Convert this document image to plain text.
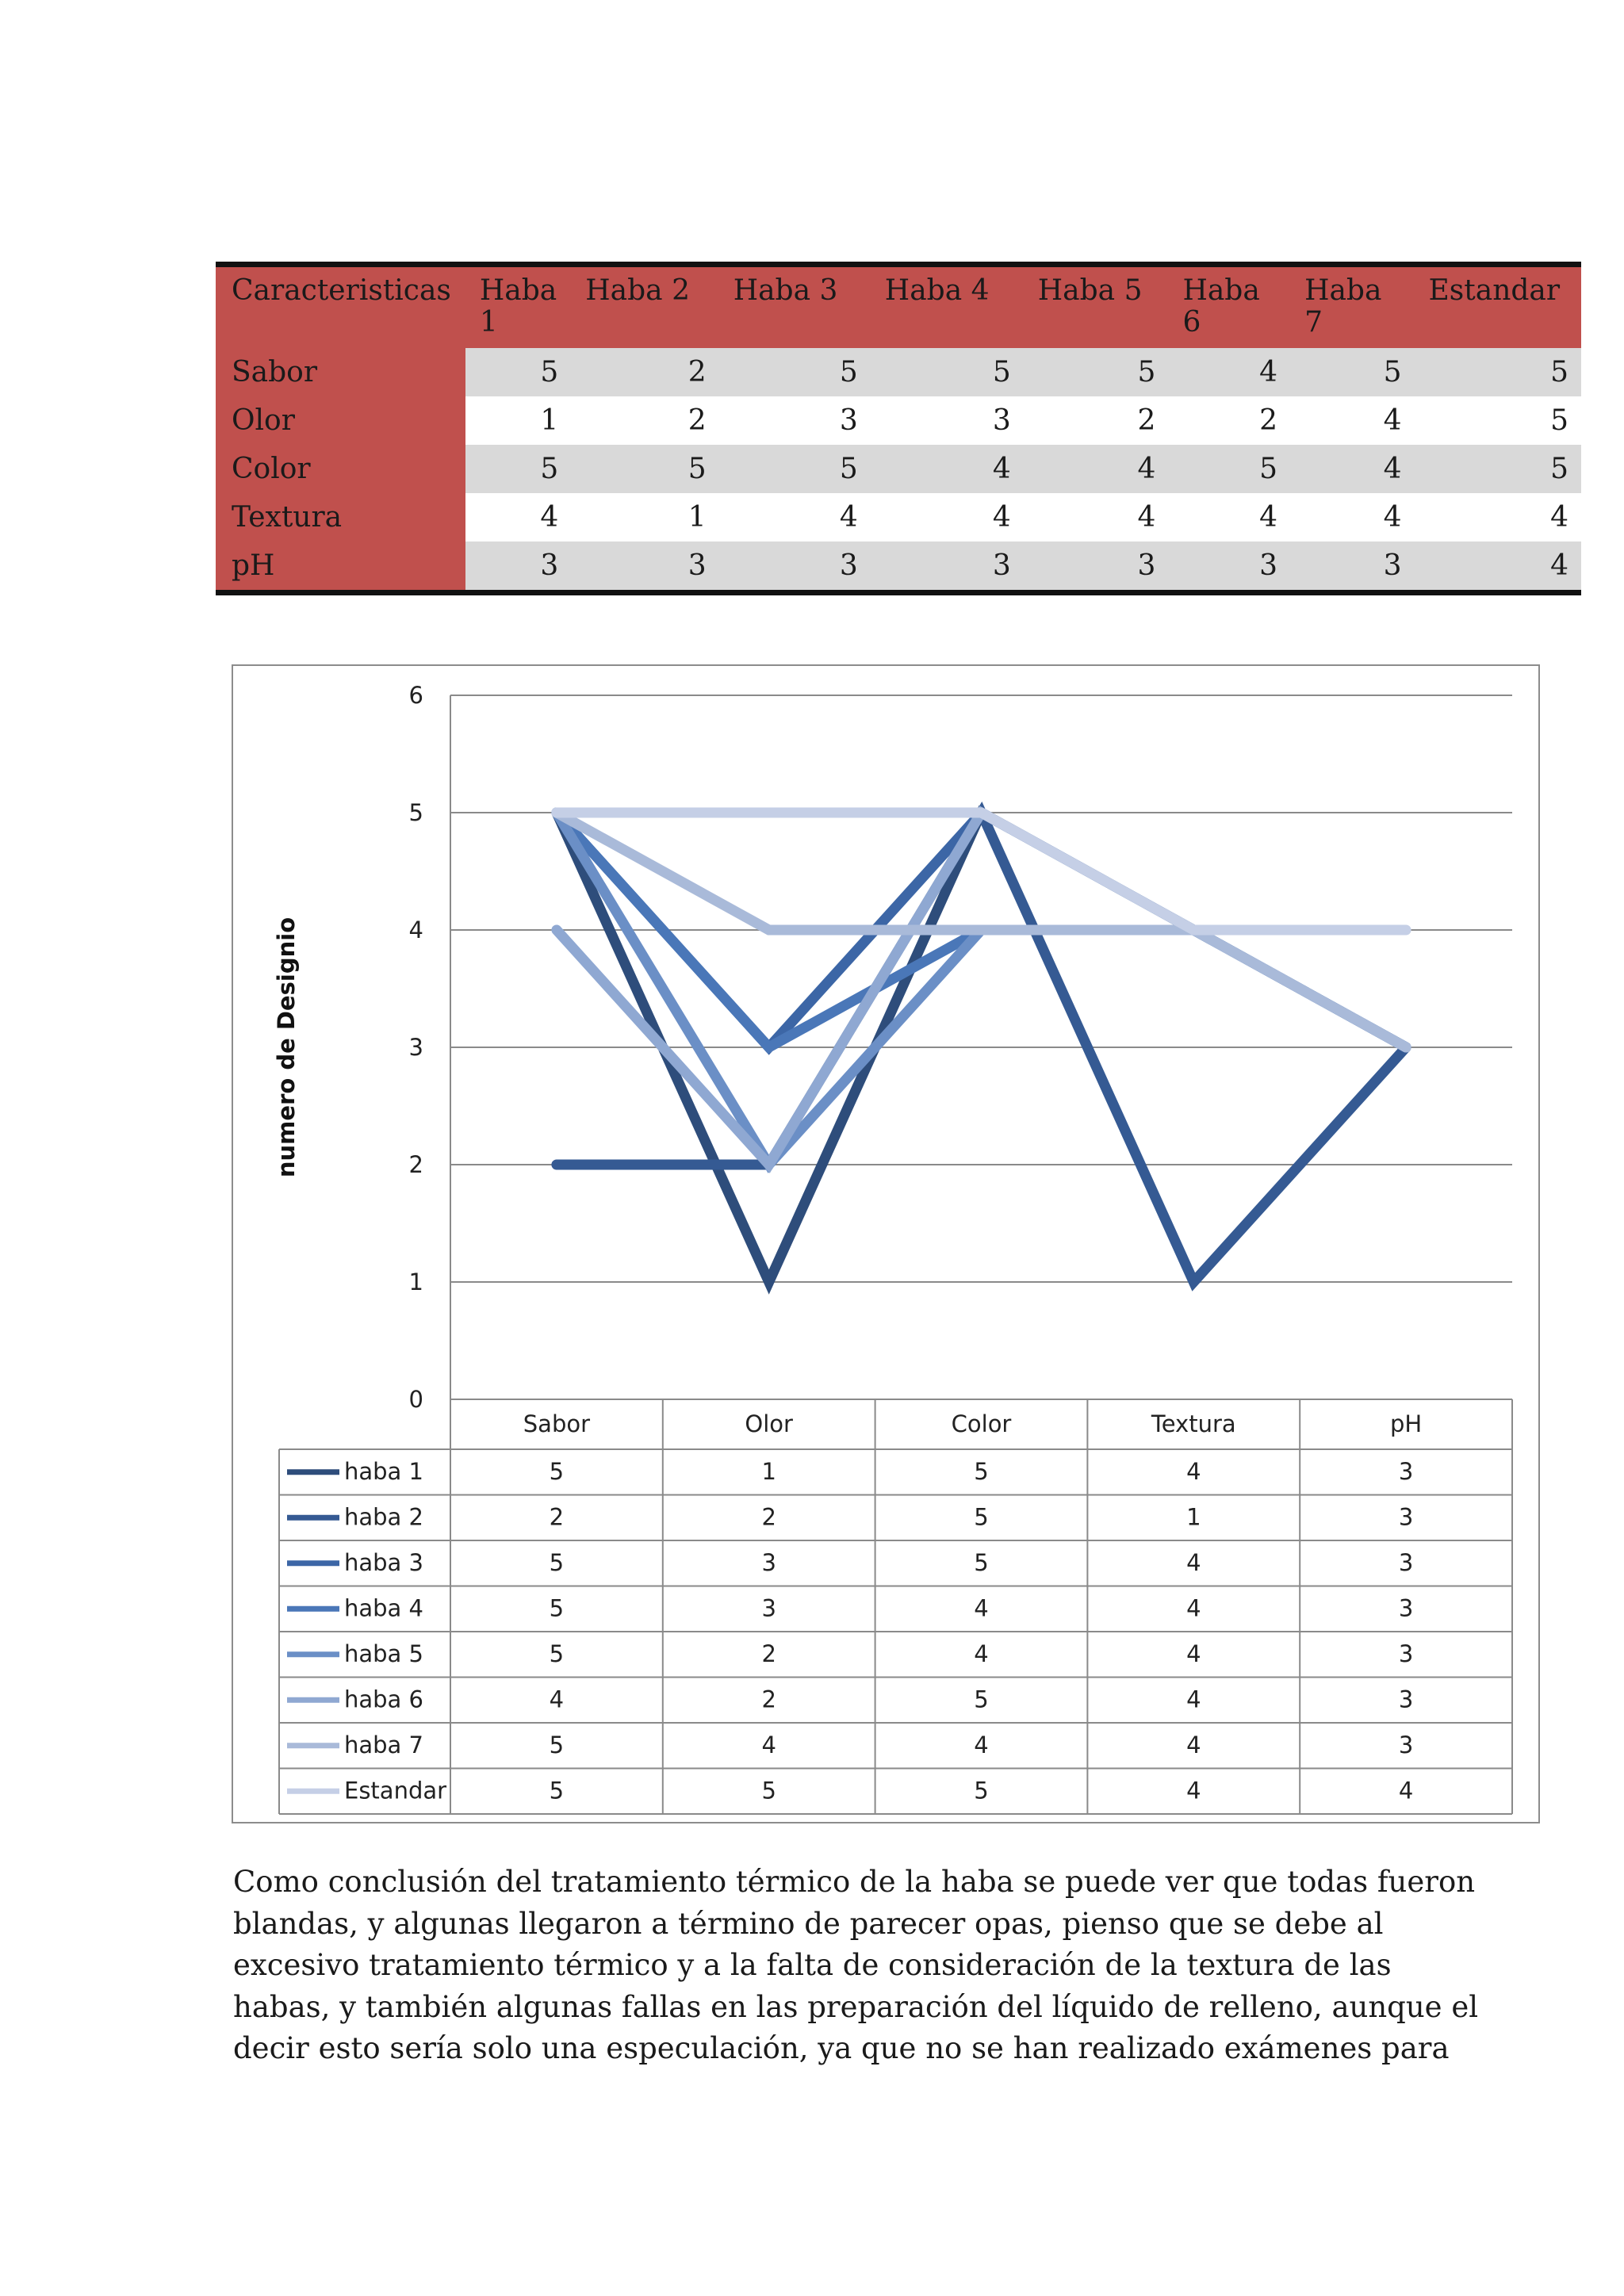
Caracteristicas	Haba 1	Haba 2	Haba 3	Haba 4	Haba 5	Haba 6	Haba 7	Estandar
Sabor	5	2	5	5	5	4	5	5
Olor	1	2	3	3	2	2	4	5
Color	5	5	5	4	4	5	4	5
Textura	4	1	4	4	4	4	4	4
pH	3	3	3	3	3	3	3	4
0
1
2
3
4
5
6
numero de Designio
Sabor	Olor	Color	Textura	pH
haba 1	5	1	5	4	3
haba 2	2	2	5	1	3
haba 3	5	3	5	4	3
haba 4	5	3	4	4	3
haba 5	5	2	4	4	3
haba 6	4	2	5	4	3
haba 7	5	4	4	4	3
Estandar	5	5	5	4	4

Como conclusión del tratamiento térmico de la haba se puede ver que todas fueron
blandas, y algunas llegaron a término de parecer opas, pienso que se debe al
excesivo tratamiento térmico y a la falta de consideración de la textura de las
habas, y también algunas fallas en las preparación del líquido de relleno, aunque el
decir esto sería solo una especulación, ya que no se han realizado exámenes para
